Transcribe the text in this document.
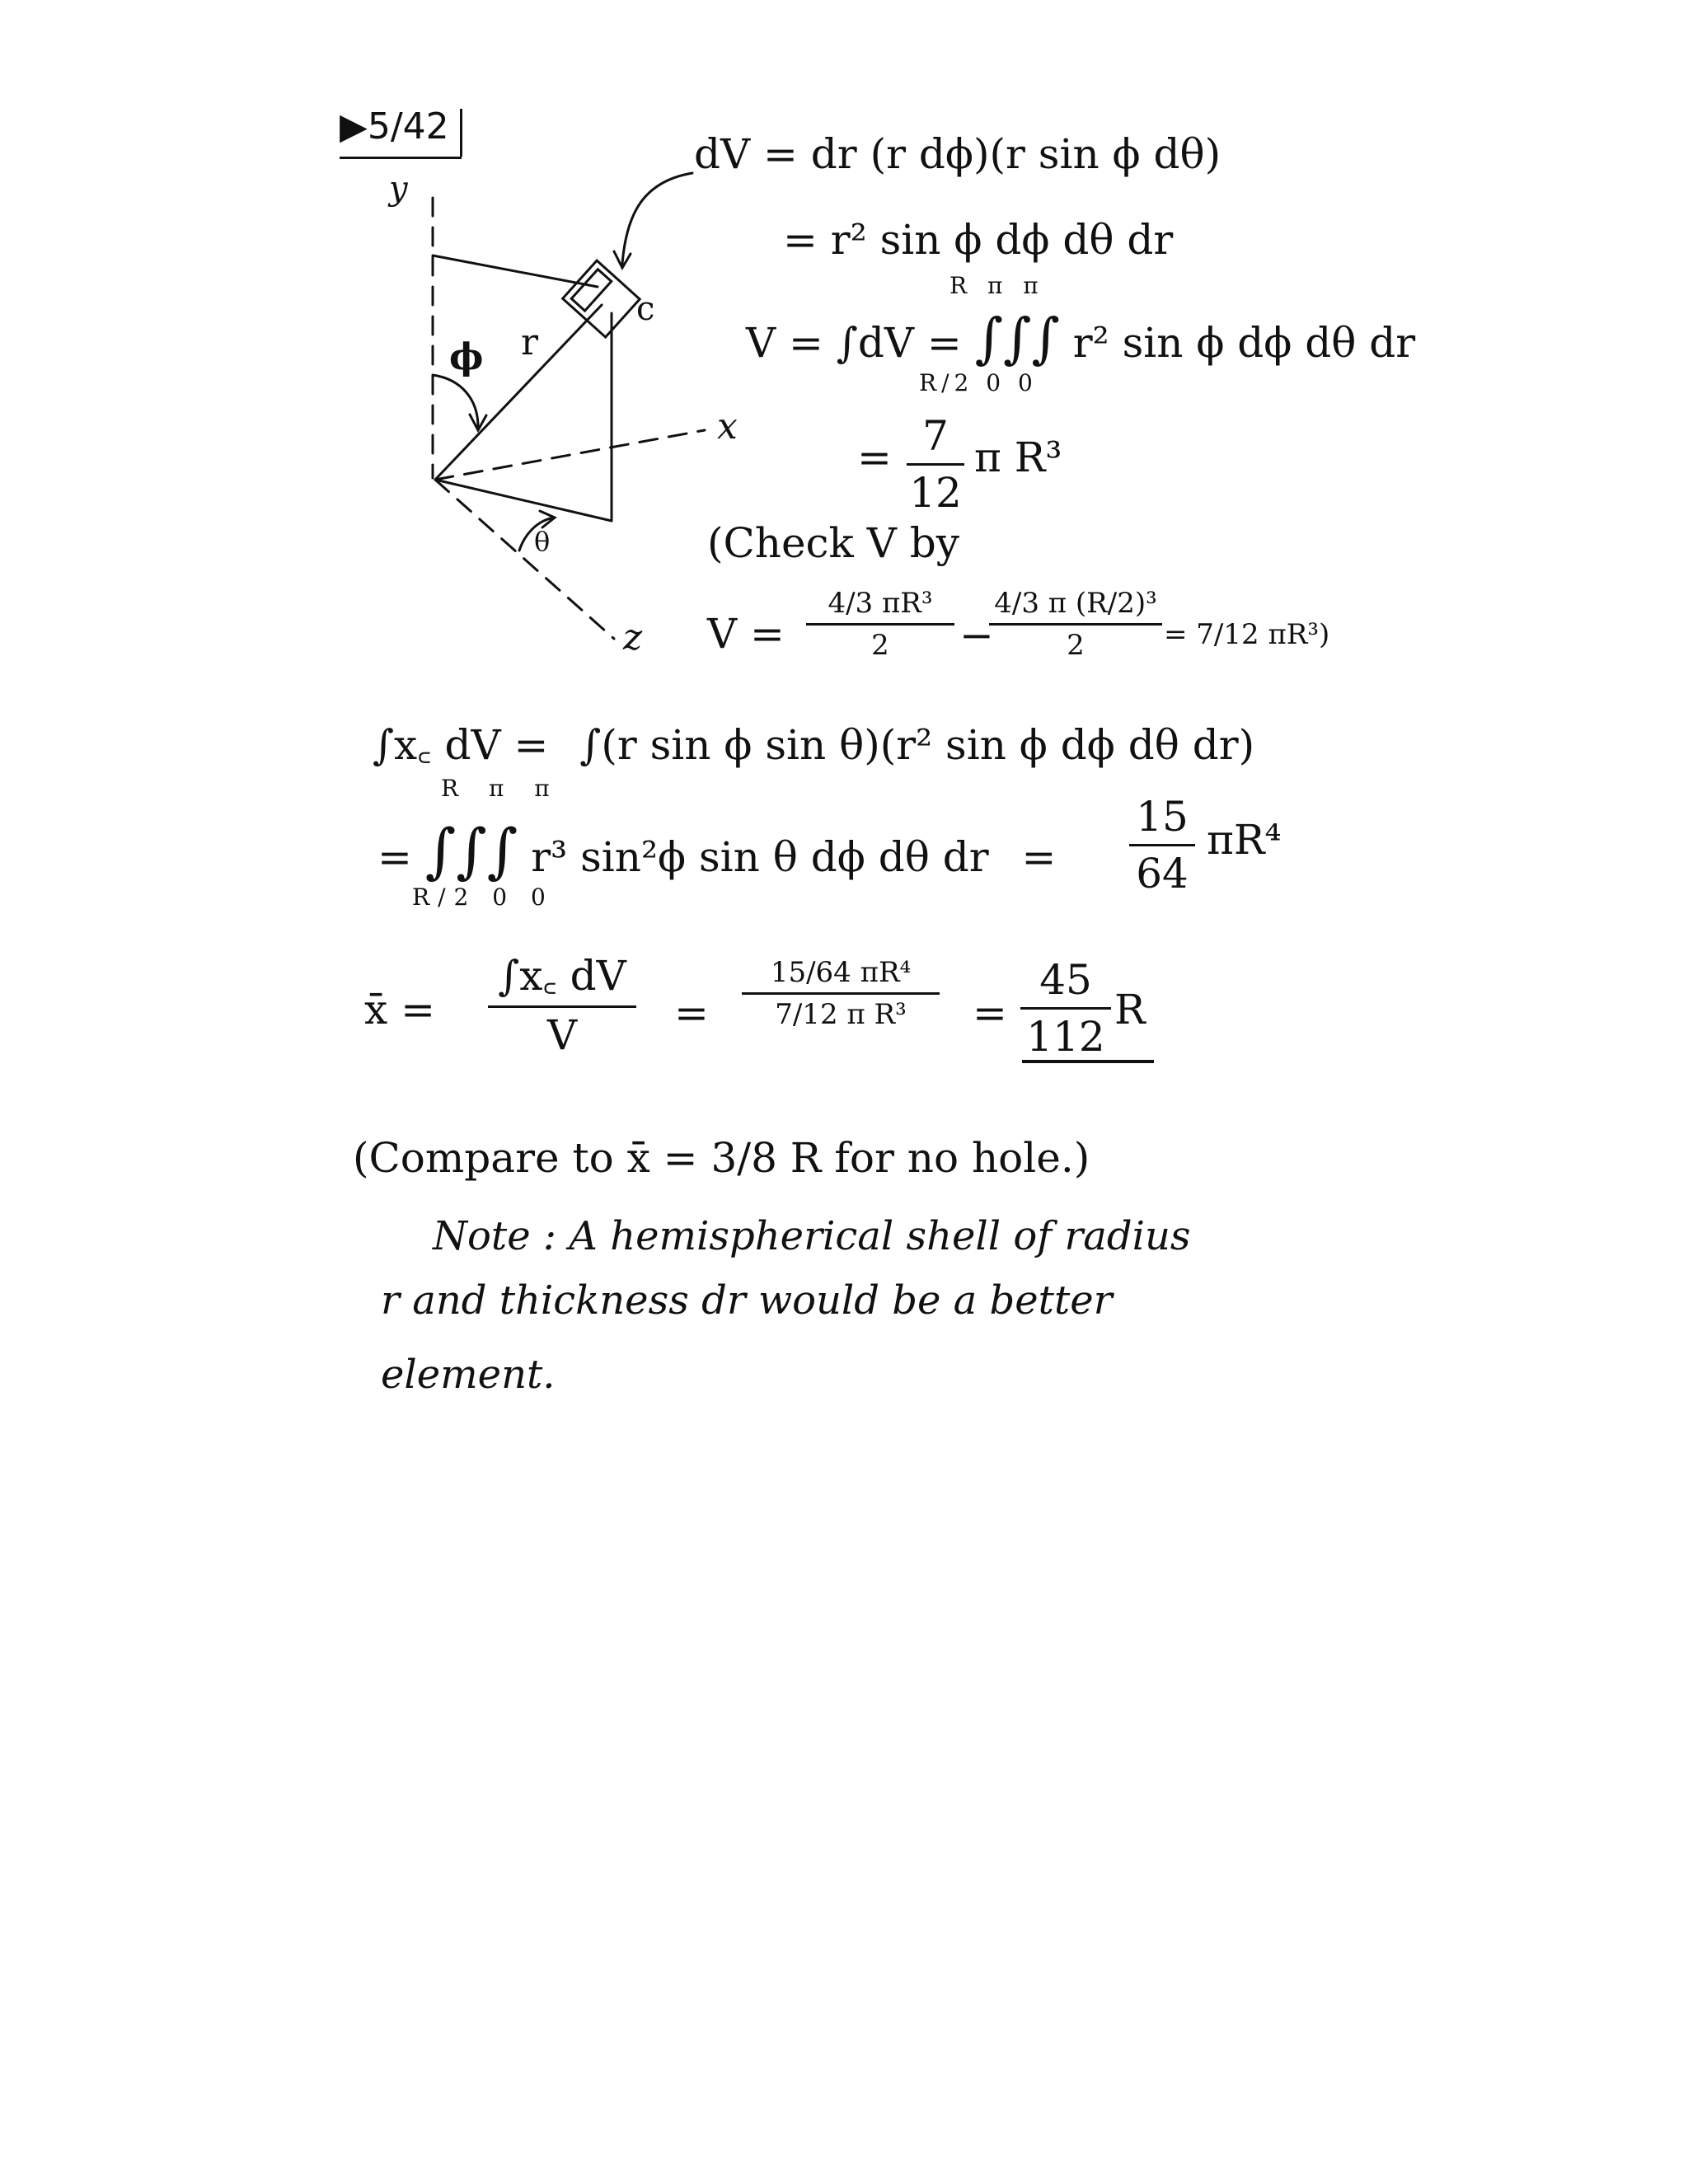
▶5/42
y
ϕ r
c
x
θ
z
dV = dr (r dϕ)(r sin ϕ dθ)
= r² sin ϕ dϕ dθ dr
R π π
V = ∫dV = ∫∫∫ r² sin ϕ dϕ dθ dr
R/2 0 0
= 7
12
π R³
(Check V by
V =
4/3 πR³
2	−
4/3 π (R/2)³
2	= 7/12 πR³)
∫x꜀ dV = ∫(r sin ϕ sin θ)(r² sin ϕ dϕ dθ dr)
R π π
= ∫∫∫ r³ sin²ϕ sin θ dϕ dθ dr =
R/2 0 0
15
64
πR⁴
x̄ =
∫x꜀ dV
V	=
15/64 πR⁴
7/12 π R³	=
45
112
R
(Compare to x̄ = 3/8 R for no hole.)
Note : A hemispherical shell of radius
r and thickness dr would be a better
element.
